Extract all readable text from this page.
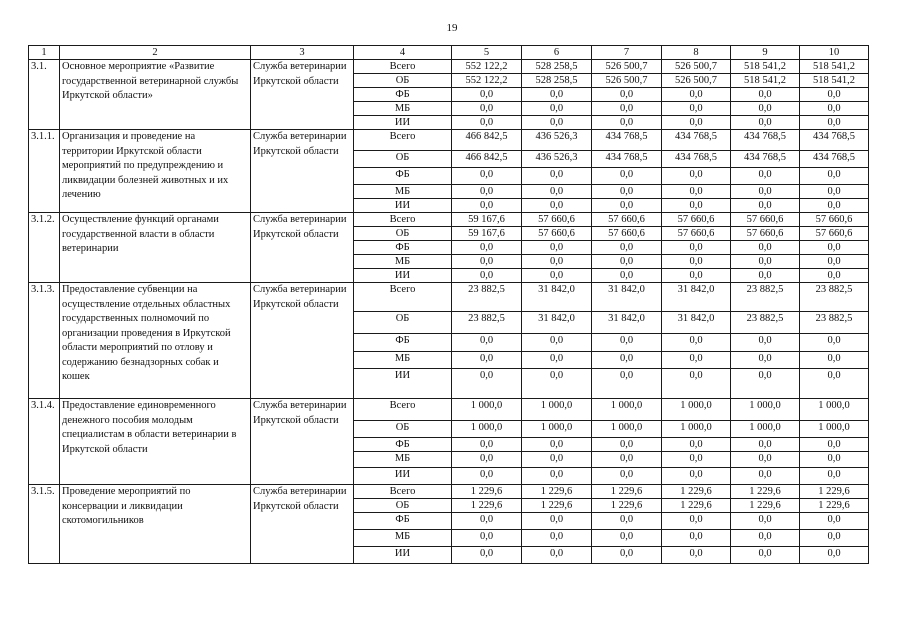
19
1	2	3	4	5	6	7	8	9	10
3.1.	Основное мероприятие «Развитие государственной ветеринарной службы Иркутской области»	Служба ветеринарии Иркутской области	Всего	552 122,2	528 258,5	526 500,7	526 500,7	518 541,2	518 541,2
			ОБ	552 122,2	528 258,5	526 500,7	526 500,7	518 541,2	518 541,2
			ФБ	0,0	0,0	0,0	0,0	0,0	0,0
			МБ	0,0	0,0	0,0	0,0	0,0	0,0
			ИИ	0,0	0,0	0,0	0,0	0,0	0,0
3.1.1.	Организация и проведение на территории Иркутской области мероприятий по предупреждению и ликвидации болезней животных и их лечению	Служба ветеринарии Иркутской области	Всего	466 842,5	436 526,3	434 768,5	434 768,5	434 768,5	434 768,5
			ОБ	466 842,5	436 526,3	434 768,5	434 768,5	434 768,5	434 768,5
			ФБ	0,0	0,0	0,0	0,0	0,0	0,0
			МБ	0,0	0,0	0,0	0,0	0,0	0,0
			ИИ	0,0	0,0	0,0	0,0	0,0	0,0
3.1.2.	Осуществление функций органами государственной власти в области ветеринарии	Служба ветеринарии Иркутской области	Всего	59 167,6	57 660,6	57 660,6	57 660,6	57 660,6	57 660,6
			ОБ	59 167,6	57 660,6	57 660,6	57 660,6	57 660,6	57 660,6
			ФБ	0,0	0,0	0,0	0,0	0,0	0,0
			МБ	0,0	0,0	0,0	0,0	0,0	0,0
			ИИ	0,0	0,0	0,0	0,0	0,0	0,0
3.1.3.	Предоставление субвенции на осуществление отдельных областных государственных полномочий по организации проведения в Иркутской области мероприятий по отлову и содержанию безнадзорных собак и кошек	Служба ветеринарии Иркутской области	Всего	23 882,5	31 842,0	31 842,0	31 842,0	23 882,5	23 882,5
			ОБ	23 882,5	31 842,0	31 842,0	31 842,0	23 882,5	23 882,5
			ФБ	0,0	0,0	0,0	0,0	0,0	0,0
			МБ	0,0	0,0	0,0	0,0	0,0	0,0
			ИИ	0,0	0,0	0,0	0,0	0,0	0,0
3.1.4.	Предоставление единовременного денежного пособия молодым специалистам в области ветеринарии в Иркутской области	Служба ветеринарии Иркутской области	Всего	1 000,0	1 000,0	1 000,0	1 000,0	1 000,0	1 000,0
			ОБ	1 000,0	1 000,0	1 000,0	1 000,0	1 000,0	1 000,0
			ФБ	0,0	0,0	0,0	0,0	0,0	0,0
			МБ	0,0	0,0	0,0	0,0	0,0	0,0
			ИИ	0,0	0,0	0,0	0,0	0,0	0,0
3.1.5.	Проведение мероприятий по консервации и ликвидации скотомогильников	Служба ветеринарии Иркутской области	Всего	1 229,6	1 229,6	1 229,6	1 229,6	1 229,6	1 229,6
			ОБ	1 229,6	1 229,6	1 229,6	1 229,6	1 229,6	1 229,6
			ФБ	0,0	0,0	0,0	0,0	0,0	0,0
			МБ	0,0	0,0	0,0	0,0	0,0	0,0
			ИИ	0,0	0,0	0,0	0,0	0,0	0,0
